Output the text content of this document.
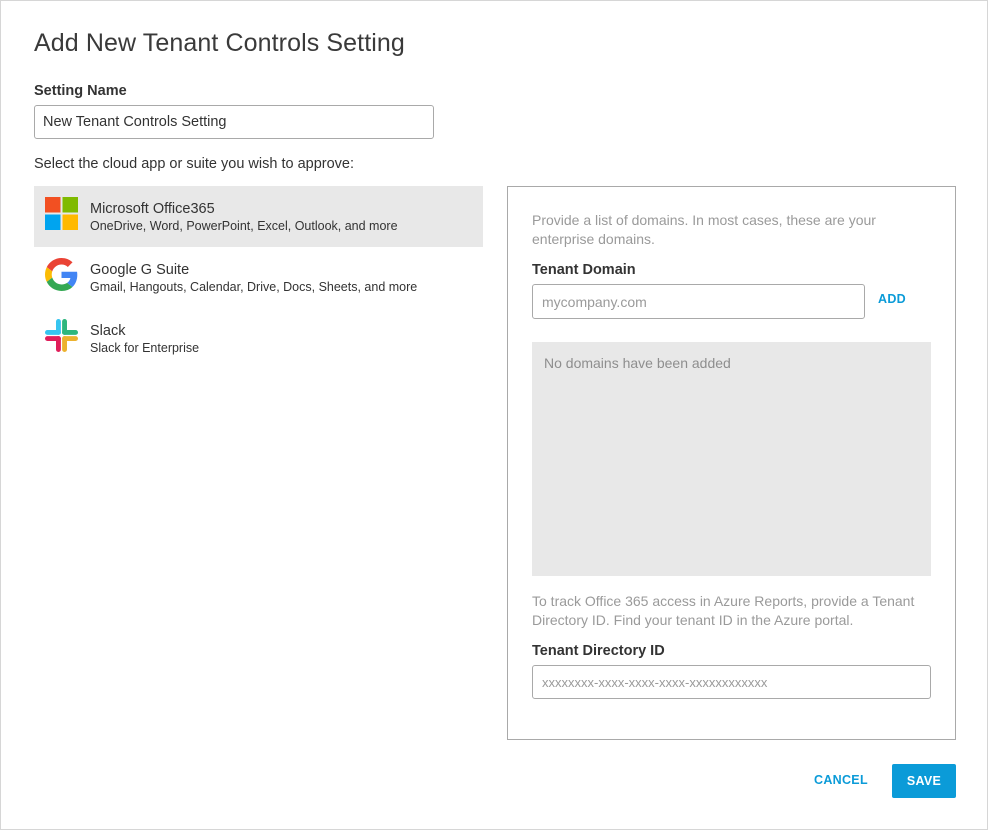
Add New Tenant Controls Setting
Setting Name
New Tenant Controls Setting
Select the cloud app or suite you wish to approve:
Microsoft Office365
OneDrive, Word, PowerPoint, Excel, Outlook, and more
Google G Suite
Gmail, Hangouts, Calendar, Drive, Docs, Sheets, and more
Slack
Slack for Enterprise
Provide a list of domains. In most cases, these are your enterprise domains.
Tenant Domain
mycompany.com
ADD
No domains have been added
To track Office 365 access in Azure Reports, provide a Tenant Directory ID. Find your tenant ID in the Azure portal.
Tenant Directory ID
xxxxxxxx-xxxx-xxxx-xxxx-xxxxxxxxxxxx
CANCEL	SAVE
